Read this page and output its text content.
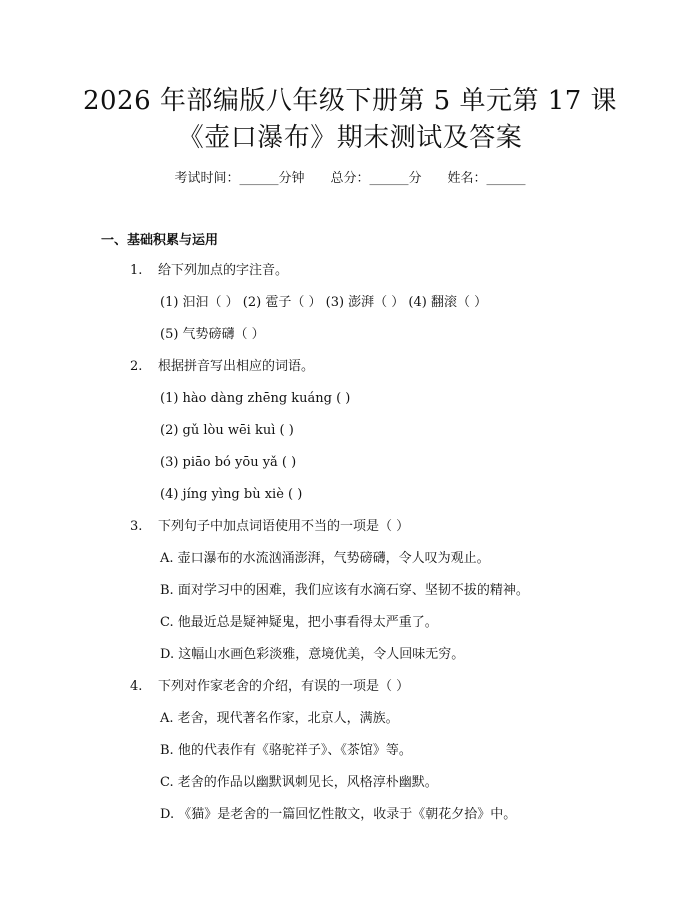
2026 年部编版八年级下册第 5 单元第 17 课
《壶口瀑布》期末测试及答案
考试时间：______分钟 总分：______分 姓名：______
一、基础积累与运用
1. 给下列加点的字注音。
(1) 汩汩（ ） (2) 雹子（ ） (3) 澎湃（ ） (4) 翻滚（ ）
(5) 气势磅礴（ ）
2. 根据拼音写出相应的词语。
(1) hào dàng zhēng kuáng ( )
(2) gǔ lòu wēi kuì ( )
(3) piāo bó yōu yǎ ( )
(4) jíng yìng bù xiè ( )
3. 下列句子中加点词语使用不当的一项是（ ）
A. 壶口瀑布的水流汹涌澎湃，气势磅礴，令人叹为观止。
B. 面对学习中的困难，我们应该有水滴石穿、坚韧不拔的精神。
C. 他最近总是疑神疑鬼，把小事看得太严重了。
D. 这幅山水画色彩淡雅，意境优美，令人回味无穷。
4. 下列对作家老舍的介绍，有误的一项是（ ）
A. 老舍，现代著名作家，北京人，满族。
B. 他的代表作有《骆驼祥子》、《茶馆》等。
C. 老舍的作品以幽默讽刺见长，风格淳朴幽默。
D. 《猫》是老舍的一篇回忆性散文，收录于《朝花夕拾》中。
